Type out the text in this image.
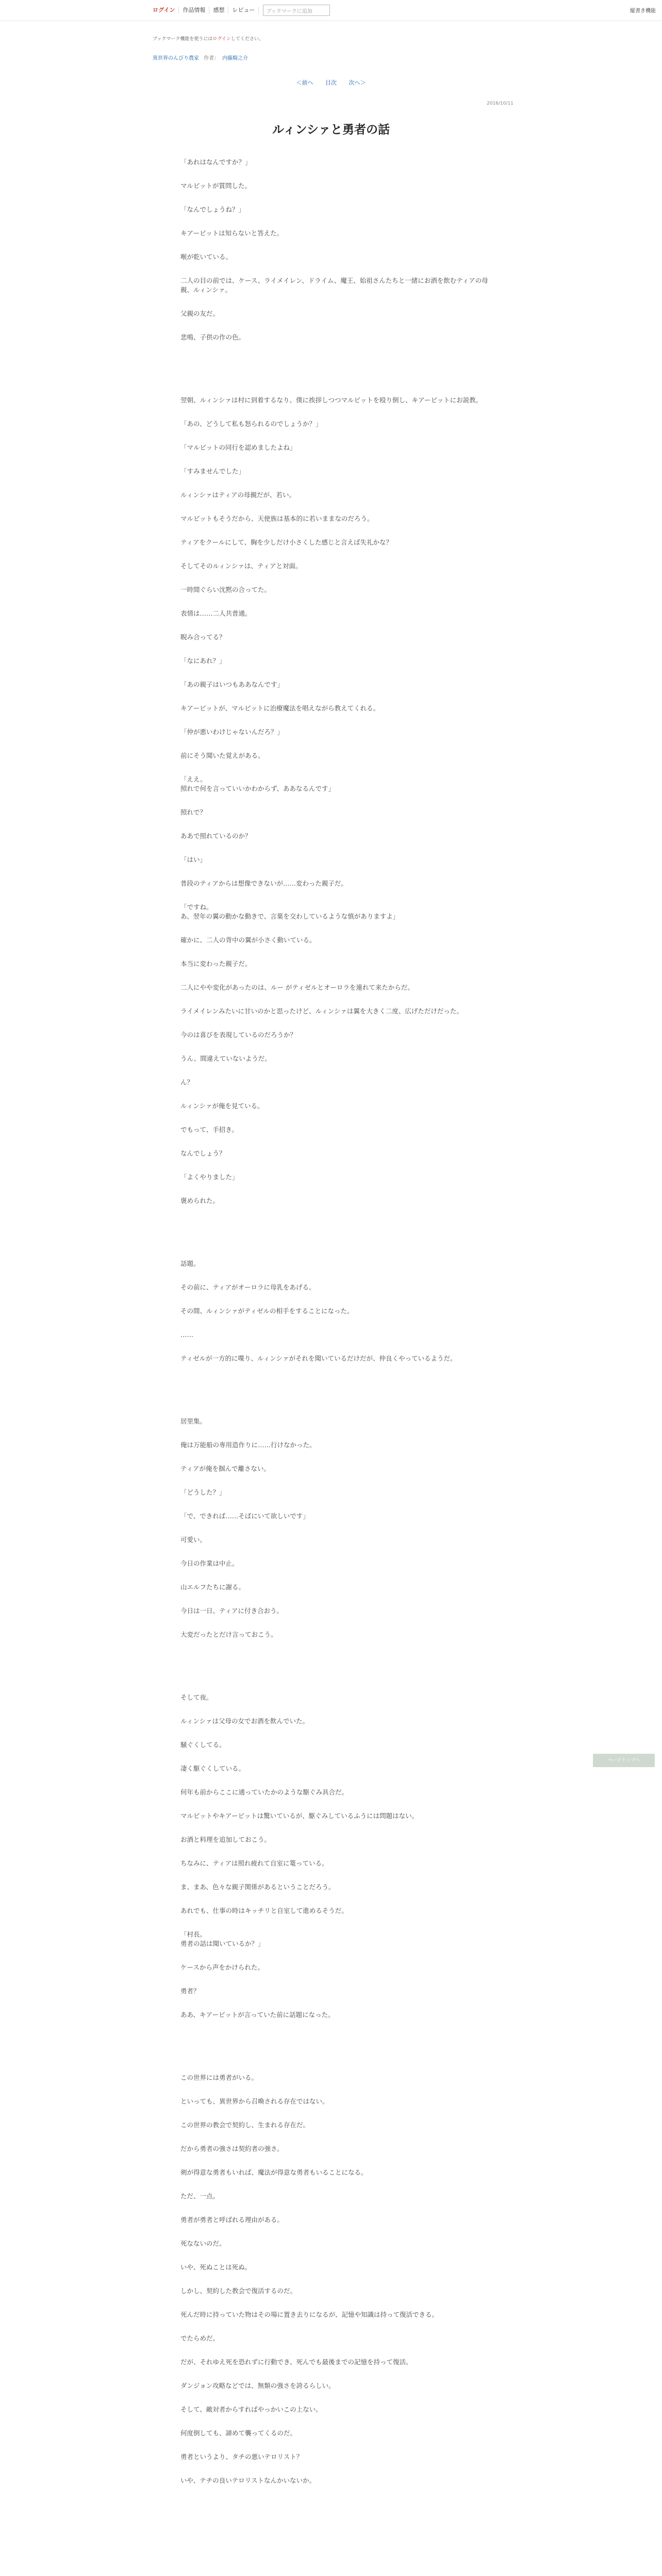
ログイン	作品情報	感想	レビュー	ブックマークに追加	縦書き機能
ブックマーク機能を使うにはログインしてください。
異世界のんびり農家 作者： 内藤騎之介
＜前へ 目次 次へ＞
2016/10/11
ルィンシァと勇者の話

「あれはなんですか？」

マルビットが質問した。

「なんでしょうね？」

キアービットは知らないと答えた。

喉が乾いている。

二人の目の前では、ケース、ライメイレン、ドライム、魔王、始祖さんたちと一緒にお酒を飲むティアの母親、ルィンシァ。

父親の友だ。

悲鳴、子供の作の色。

翌朝、ルィンシァは村に到着するなり、僕に挨拶しつつマルビットを殴り倒し、キアービットにお説教。

「あの、どうして私も怒られるのでしょうか？」

「マルビットの同行を認めましたよね」

「すみませんでした」

ルィンシァはティアの母親だが、若い。

マルビットもそうだから、天使族は基本的に若いままなのだろう。

ティアをクールにして、胸を少しだけ小さくした感じと言えば失礼かな？

そしてそのルィンシァは、ティアと対面。

一時間ぐらい沈黙の合ってた。

表情は……二人共普通。

睨み合ってる？

「なにあれ？」

「あの親子はいつもああなんです」

キアービットが、マルビットに治療魔法を唱えながら教えてくれる。

「仲が悪いわけじゃないんだろ？」

前にそう聞いた覚えがある。

「ええ。
照れで何を言っていいかわからず、ああなるんです」

照れで？

ああで照れているのか？

「はい」

普段のティアからは想像できないが……変わった親子だ。

「ですね。
あ、翌年の翼の動かな動きで、言葉を交わしているような慎がありますよ」

確かに、二人の背中の翼が小さく動いている。

本当に変わった親子だ。

二人にやや変化があったのは、ルー がティゼルとオーロラを連れて来たからだ。

ライメイレンみたいに甘いのかと思ったけど、ルィンシァは翼を大きく二度、広げただけだった。

今のは喜びを表現しているのだろうか？

うん、間違えていないようだ。

ん？

ルィンシァが俺を見ている。

でもって、手招き。

なんでしょう？

「よくやりました」

褒められた。

話題。

その前に、ティアがオーロラに母乳をあげる。

その間、ルィンシァがティゼルの相手をすることになった。

……

ティゼルが一方的に喋り、ルィンシァがそれを聞いているだけだが、仲良くやっているようだ。

居里集。

俺は万能船の専用造作りに……行けなかった。

ティアが俺を掴んで離さない。

「どうした？」

「で、できれば……そばにいて欲しいです」

可愛い。

今日の作業は中止。

山エルフたちに謝る。

今日は一日、ティアに付き合おう。

大変だったとだけ言っておこう。

そして夜。

ルィンシァは父母の女でお酒を飲んでいた。

騒ぐくしてる。

凄く駆ぐくしている。

何年も前からここに通っていたかのような駆ぐみ具合だ。

マルビットやキアービットは驚いているが、駆ぐみしているふうには問題はない。

お酒と料理を追加しておこう。

ちなみに、ティアは照れ疲れて自室に篭っている。

ま、まあ、色々な親子関係があるということだろう。

あれでも、仕事の時はキッチリと自室して進めるそうだ。

「村長。
勇者の話は聞いているか？」

ケースから声をかけられた。

勇者？

ああ、キアービットが言っていた前に話題になった。

この世界には勇者がいる。

といっても、異世界から召喚される存在ではない。

この世界の教会で契約し、生まれる存在だ。

だから勇者の強さは契約者の強さ。

剣が得意な勇者もいれば、魔法が得意な勇者もいることになる。

ただ、一点。

勇者が勇者と呼ばれる理由がある。

死なないのだ。

いや、死ぬことは死ぬ。

しかし、契約した教会で復活するのだ。

死んだ時に持っていた物はその場に置き去りになるが、記憶や知識は持って復活できる。

でたらめだ。

だが、それゆえ死を恐れずに行動でき、死んでも最後までの記憶を持って復活。

ダンジョン攻略などでは、無類の強さを誇るらしい。

そして、敵対者からすればやっかいこの上ない。

何度倒しても、諦めて襲ってくるのだ。

勇者というより、タチの悪いテロリスト？

いや、テチの良いテロリストなんかいないか。

ページトップへ
